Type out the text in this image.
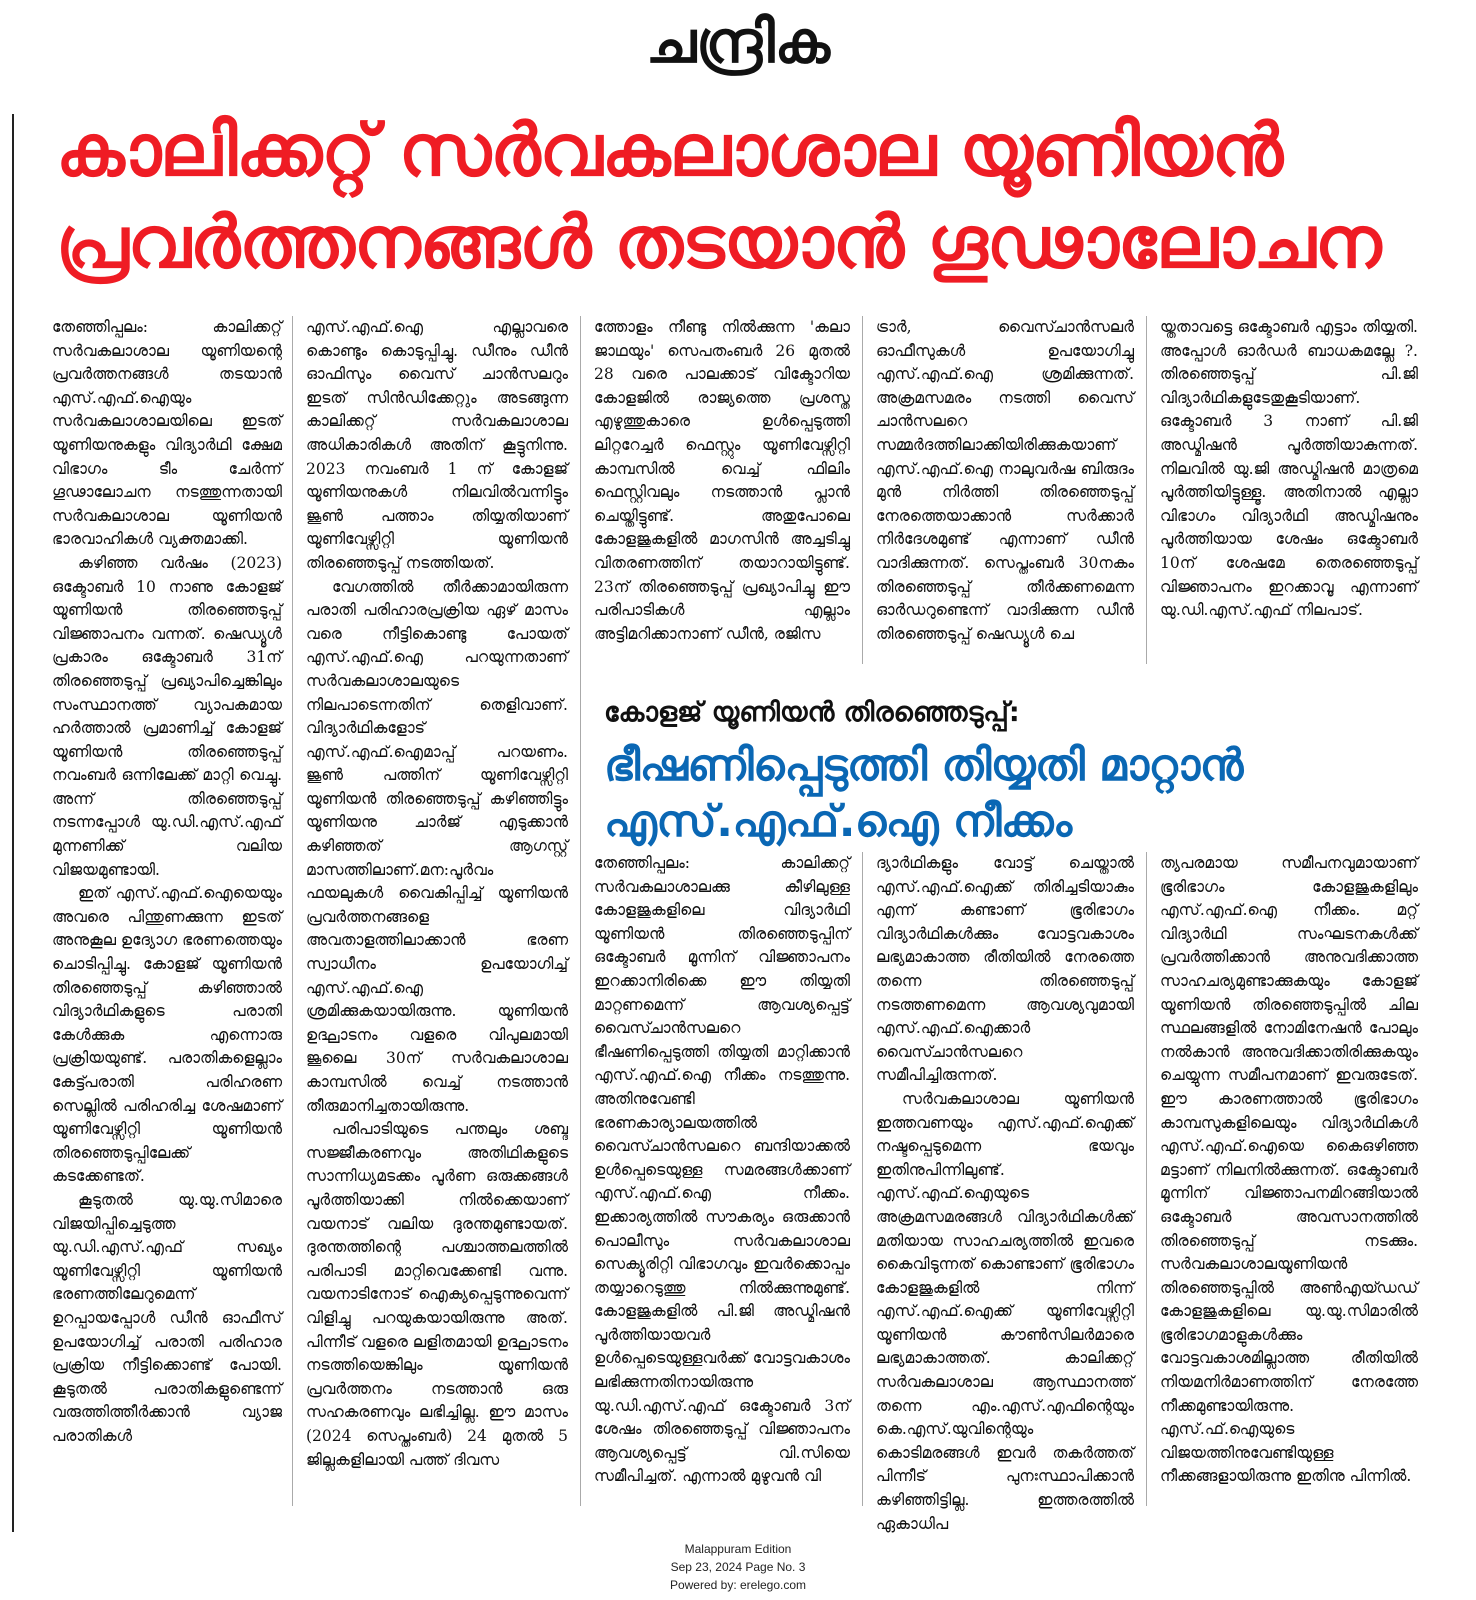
ചന്ദ്രിക
കാലിക്കറ്റ് സർവകലാശാല യൂണിയൻ പ്രവർത്തനങ്ങൾ തടയാൻ ഗൂഢാലോചന

തേഞ്ഞിപ്പലം: കാലിക്കറ്റ് സർവകലാശാല യൂണിയന്റെ പ്രവർത്തനങ്ങൾ തടയാൻ എസ്.എഫ്.ഐയും സർവകലാശാലയിലെ ഇടത് യൂണിയനുകളും വിദ്യാർഥി ക്ഷേമ വിഭാഗം ടീം ചേർന്ന് ഗൂഢാലോചന നടത്തുന്നതായി സർവകലാശാല യൂണിയൻ ഭാരവാഹികൾ വ്യക്തമാക്കി.

കഴിഞ്ഞ വർഷം (2023) ഒക്ടോബർ 10 നാണു കോളജ് യൂണിയൻ തിരഞ്ഞെടുപ്പ് വിജ്ഞാപനം വന്നത്. ഷെഡ്യൂൾ പ്രകാരം ഒക്ടോബർ 31ന് തിരഞ്ഞെടുപ്പ് പ്രഖ്യാപിച്ചെങ്കിലും സംസ്ഥാനത്ത് വ്യാപകമായ ഹർത്താൽ പ്രമാണിച്ച് കോളജ് യൂണിയൻ തിരഞ്ഞെടുപ്പ് നവംബർ ഒന്നിലേക്ക് മാറ്റി വെച്ചു. അന്ന് തിരഞ്ഞെടുപ്പ് നടന്നപ്പോൾ യു.ഡി.എസ്.എഫ് മുന്നണിക്ക് വലിയ വിജയമുണ്ടായി.

ഇത് എസ്.എഫ്.ഐയെയും അവരെ പിന്തുണക്കുന്ന ഇടത് അനുകൂല ഉദ്യോഗ ഭരണത്തെയും ചൊടിപ്പിച്ചു. കോളജ് യൂണിയൻ തിരഞ്ഞെടുപ്പ് കഴിഞ്ഞാൽ വിദ്യാർഥികളുടെ പരാതി കേൾക്കുക എന്നൊരു പ്രക്രിയയുണ്ട്. പരാതികളെല്ലാം കേട്ട്പരാതി പരിഹരണ സെല്ലിൽ പരിഹരിച്ച ശേഷമാണ് യൂണിവേഴ്സിറ്റി യൂണിയൻ തിരഞ്ഞെടുപ്പിലേക്ക് കടക്കേണ്ടത്.

കൂടുതൽ യു.യു.സിമാരെ വിജയിപ്പിച്ചെടുത്ത യു.ഡി.എസ്.എഫ് സഖ്യം യൂണിവേഴ്സിറ്റി യൂണിയൻ ഭരണത്തിലേറുമെന്ന് ഉറപ്പായപ്പോൾ ഡീൻ ഓഫീസ് ഉപയോഗിച്ച് പരാതി പരിഹാര പ്രക്രിയ നീട്ടിക്കൊണ്ട് പോയി. കൂടുതൽ പരാതികളുണ്ടെന്ന് വരുത്തിത്തീർക്കാൻ വ്യാജ പരാതികൾ

എസ്.എഫ്.ഐ എല്ലാവരെ കൊണ്ടും കൊടുപ്പിച്ചു. ഡീനും ഡീൻ ഓഫിസും വൈസ് ചാൻസലറും ഇടത് സിൻഡിക്കേറ്റും അടങ്ങുന്ന കാലിക്കറ്റ് സർവകലാശാല അധികാരികൾ അതിന് കൂട്ടുനിന്നു. 2023 നവംബർ 1 ന് കോളജ് യൂണിയനുകൾ നിലവിൽവന്നിട്ടും ജൂൺ പത്താം തിയ്യതിയാണ് യൂണിവേഴ്സിറ്റി യൂണിയൻ തിരഞ്ഞെടുപ്പ് നടത്തിയത്.

വേഗത്തിൽ തീർക്കാമായിരുന്ന പരാതി പരിഹാരപ്രക്രിയ ഏഴ് മാസം വരെ നീട്ടികൊണ്ടു പോയത് എസ്.എഫ്.ഐ പറയുന്നതാണ് സർവകലാശാലയുടെ നിലപാടെന്നതിന് തെളിവാണ്. വിദ്യാർഥികളോട് എസ്.എഫ്.ഐമാപ്പ് പറയണം. ജൂൺ പത്തിന് യൂണിവേഴ്സിറ്റി യൂണിയൻ തിരഞ്ഞെടുപ്പ് കഴിഞ്ഞിട്ടും യൂണിയനു ചാർജ് എടുക്കാൻ കഴിഞ്ഞത് ആഗസ്റ്റ് മാസത്തിലാണ്.മന:പൂർവം ഫയലുകൾ വൈകിപ്പിച്ച് യൂണിയൻ പ്രവർത്തനങ്ങളെ അവതാളത്തിലാക്കാൻ ഭരണ സ്വാധീനം ഉപയോഗിച്ച് എസ്.എഫ്.ഐ ശ്രമിക്കുകയായിരുന്നു. യൂണിയൻ ഉദ്ഘാടനം വളരെ വിപുലമായി ജൂലൈ 30ന് സർവകലാശാല കാമ്പസിൽ വെച്ച് നടത്താൻ തീരുമാനിച്ചതായിരുന്നു.

പരിപാടിയുടെ പന്തലും ശബ്ദ സജ്ജീകരണവും അതിഥികളുടെ സാന്നിധ്യമടക്കം പൂർണ ഒരുക്കങ്ങൾ പൂർത്തിയാക്കി നിൽക്കെയാണ് വയനാട് വലിയ ദുരന്തമുണ്ടായത്. ദുരന്തത്തിന്റെ പശ്ചാത്തലത്തിൽ പരിപാടി മാറ്റിവെക്കേണ്ടി വന്നു. വയനാടിനോട് ഐക്യപ്പെടുന്നുവെന്ന് വിളിച്ചു പറയുകയായിരുന്നു അത്. പിന്നീട് വളരെ ലളിതമായി ഉദ്ഘാടനം നടത്തിയെങ്കിലും യൂണിയൻ പ്രവർത്തനം നടത്താൻ ഒരു സഹകരണവും ലഭിച്ചില്ല. ഈ മാസം (2024 സെപ്തംബർ) 24 മുതൽ 5 ജില്ലകളിലായി പത്ത് ദിവസ

ത്തോളം നീണ്ടു നിൽക്കുന്ന 'കലാ ജാഥയും' സെപതംബർ 26 മുതൽ 28 വരെ പാലക്കാട് വിക്ടോറിയ കോളജിൽ രാജ്യത്തെ പ്രശസ്ത എഴുത്തുകാരെ ഉൾപ്പെടുത്തി ലിറ്ററേച്ചർ ഫെസ്റ്റും യൂണിവേഴ്സിറ്റി കാമ്പസിൽ വെച്ച് ഫിലിം ഫെസ്റ്റിവലും നടത്താൻ പ്ലാൻ ചെയ്തിട്ടുണ്ട്. അതുപോലെ കോളജുകളിൽ മാഗസിൻ അച്ചടിച്ചു വിതരണത്തിന് തയാറായിട്ടുണ്ട്. 23ന് തിരഞ്ഞെടുപ്പ് പ്രഖ്യാപിച്ചു ഈ പരിപാടികൾ എല്ലാം അട്ടിമറിക്കാനാണ് ഡീൻ, രജിസ

ട്രാർ, വൈസ്ചാൻസലർ ഓഫീസുകൾ ഉപയോഗിച്ചു എസ്.എഫ്.ഐ ശ്രമിക്കുന്നത്. അക്രമസമരം നടത്തി വൈസ് ചാൻസലറെ സമ്മർദത്തിലാക്കിയിരിക്കുകയാണ് എസ്.എഫ്.ഐ നാലുവർഷ ബിരുദം മുൻ നിർത്തി തിരഞ്ഞെടുപ്പ് നേരത്തെയാക്കാൻ സർക്കാർ നിർദേശമുണ്ട് എന്നാണ് ഡീൻ വാദിക്കുന്നത്. സെപ്തംബർ 30നകം തിരഞ്ഞെടുപ്പ് തീർക്കണമെന്ന ഓർഡറുണ്ടെന്ന് വാദിക്കുന്ന ഡീൻ തിരഞ്ഞെടുപ്പ് ഷെഡ്യൂൾ ചെ

യ്തതാവട്ടെ ഒക്ടോബർ എട്ടാം തിയ്യതി. അപ്പോൾ ഓർഡർ ബാധകമല്ലേ ?. തിരഞ്ഞെടുപ്പ് പി.ജി വിദ്യാർഥികളുടേതുകൂടിയാണ്. ഒക്ടോബർ 3 നാണ് പി.ജി അഡ്മിഷൻ പൂർത്തിയാകുന്നത്. നിലവിൽ യു.ജി അഡ്മിഷൻ മാത്രമെ പൂർത്തിയിട്ടുള്ളൂ. അതിനാൽ എല്ലാ വിഭാഗം വിദ്യാർഥി അഡ്മിഷനും പൂർത്തിയായ ശേഷം ഒക്ടോബർ 10ന് ശേഷമേ തെരഞ്ഞെടുപ്പ് വിജ്ഞാപനം ഇറക്കാവൂ എന്നാണ് യു.ഡി.എസ്.എഫ് നിലപാട്.

കോളജ് യൂണിയൻ തിരഞ്ഞെടുപ്പ്:
ഭീഷണിപ്പെടുത്തി തിയ്യതി മാറ്റാൻ എസ്.എഫ്.ഐ നീക്കം

തേഞ്ഞിപ്പലം: കാലിക്കറ്റ് സർവകലാശാലക്കു കീഴിലുള്ള കോളജുകളിലെ വിദ്യാർഥി യൂണിയൻ തിരഞ്ഞെടുപ്പിന് ഒക്ടോബർ മൂന്നിന് വിജ്ഞാപനം ഇറക്കാനിരിക്കെ ഈ തിയ്യതി മാറ്റണമെന്ന് ആവശ്യപ്പെട്ട് വൈസ്ചാൻസലറെ ഭീഷണിപ്പെടുത്തി തിയ്യതി മാറ്റിക്കാൻ എസ്.എഫ്.ഐ നീക്കം നടത്തുന്നു. അതിനുവേണ്ടി ഭരണകാര്യാലയത്തിൽ വൈസ്ചാൻസലറെ ബന്ദിയാക്കൽ ഉൾപ്പെടെയുള്ള സമരങ്ങൾക്കാണ് എസ്.എഫ്.ഐ നീക്കം. ഇക്കാര്യത്തിൽ സൗകര്യം ഒരുക്കാൻ പൊലീസും സർവകലാശാല സെക്യൂരിറ്റി വിഭാഗവും ഇവർക്കൊപ്പം തയ്യാറെടുത്തു നിൽക്കുന്നുമുണ്ട്. കോളജുകളിൽ പി.ജി അഡ്മിഷൻ പൂർത്തിയായവർ ഉൾപ്പെടെയുള്ളവർക്ക് വോട്ടവകാശം ലഭിക്കുന്നതിനായിരുന്നു യു.ഡി.എസ്.എഫ് ഒക്ടോബർ 3ന് ശേഷം തിരഞ്ഞെടുപ്പ് വിജ്ഞാപനം ആവശ്യപ്പെട്ട് വി.സിയെ സമീപിച്ചത്. എന്നാൽ മുഴുവൻ വി

ദ്യാർഥികളും വോട്ട് ചെയ്താൽ എസ്.എഫ്.ഐക്ക് തിരിച്ചടിയാകും എന്ന് കണ്ടാണ് ഭൂരിഭാഗം വിദ്യാർഥികൾക്കും വോട്ടവകാശം ലഭ്യമാകാത്ത രീതിയിൽ നേരത്തെ തന്നെ തിരഞ്ഞെടുപ്പ് നടത്തണമെന്ന ആവശ്യവുമായി എസ്.എഫ്.ഐക്കാർ വൈസ്ചാൻസലറെ സമീപിച്ചിരുന്നത്.

സർവകലാശാല യൂണിയൻ ഇത്തവണയും എസ്.എഫ്.ഐക്ക് നഷ്ടപ്പെടുമെന്ന ഭയവും ഇതിനുപിന്നിലുണ്ട്. എസ്.എഫ്.ഐയുടെ അക്രമസമരങ്ങൾ വിദ്യാർഥികൾക്ക് മതിയായ സാഹചര്യത്തിൽ ഇവരെ കൈവിടുന്നത് കൊണ്ടാണ് ഭൂരിഭാഗം കോളജുകളിൽ നിന്ന് എസ്.എഫ്.ഐക്ക് യൂണിവേഴ്സിറ്റി യൂണിയൻ കൗൺസിലർമാരെ ലഭ്യമാകാത്തത്. കാലിക്കറ്റ് സർവകലാശാല ആസ്ഥാനത്ത് തന്നെ എം.എസ്.എഫിന്റെയും കെ.എസ്.യുവിന്റെയും കൊടിമരങ്ങൾ ഇവർ തകർത്തത് പിന്നീട് പുനഃസ്ഥാപിക്കാൻ കഴിഞ്ഞിട്ടില്ല. ഇത്തരത്തിൽ ഏകാധിപ

ത്യപരമായ സമീപനവുമായാണ് ഭൂരിഭാഗം കോളജുകളിലും എസ്.എഫ്.ഐ നീക്കം. മറ്റ് വിദ്യാർഥി സംഘടനകൾക്ക് പ്രവർത്തിക്കാൻ അനുവദിക്കാത്ത സാഹചര്യമുണ്ടാക്കുകയും കോളജ് യൂണിയൻ തിരഞ്ഞെടുപ്പിൽ ചില സ്ഥലങ്ങളിൽ നോമിനേഷൻ പോലും നൽകാൻ അനുവദിക്കാതിരിക്കുകയും ചെയ്യുന്ന സമീപനമാണ് ഇവരുടേത്. ഈ കാരണത്താൽ ഭൂരിഭാഗം കാമ്പസുകളിലെയും വിദ്യാർഥികൾ എസ്.എഫ്.ഐയെ കൈഒഴിഞ്ഞ മട്ടാണ് നിലനിൽക്കുന്നത്. ഒക്ടോബർ മൂന്നിന് വിജ്ഞാപനമിറങ്ങിയാൽ ഒക്ടോബർ അവസാനത്തിൽ തിരഞ്ഞെടുപ്പ് നടക്കും. സർവകലാശാലയൂണിയൻ തിരഞ്ഞെടുപ്പിൽ അൺഎയ്ഡഡ് കോളജുകളിലെ യു.യു.സിമാരിൽ ഭൂരിഭാഗമാളുകൾക്കും വോട്ടവകാശമില്ലാത്ത രീതിയിൽ നിയമനിർമാണത്തിന് നേരത്തേ നീക്കമുണ്ടായിരുന്നു. എസ്.ഫ്.ഐയുടെ വിജയത്തിനുവേണ്ടിയുള്ള നീക്കങ്ങളായിരുന്നു ഇതിനു പിന്നിൽ.

Malappuram Edition
Sep 23, 2024 Page No. 3
Powered by: erelego.com
